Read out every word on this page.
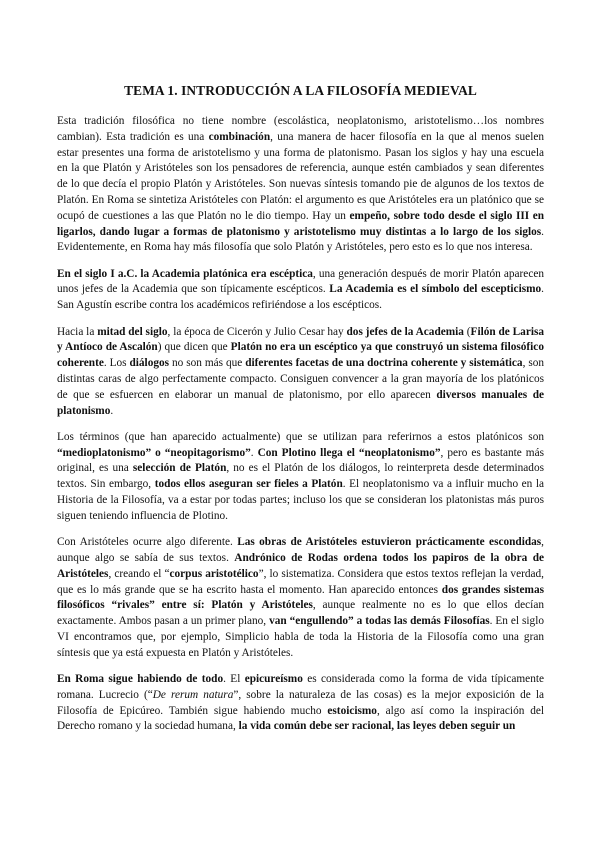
TEMA 1. INTRODUCCIÓN A LA FILOSOFÍA MEDIEVAL

Esta tradición filosófica no tiene nombre (escolástica, neoplatonismo, aristotelismo…los nombres cambian). Esta tradición es una combinación, una manera de hacer filosofía en la que al menos suelen estar presentes una forma de aristotelismo y una forma de platonismo. Pasan los siglos y hay una escuela en la que Platón y Aristóteles son los pensadores de referencia, aunque estén cambiados y sean diferentes de lo que decía el propio Platón y Aristóteles. Son nuevas síntesis tomando pie de algunos de los textos de Platón. En Roma se sintetiza Aristóteles con Platón: el argumento es que Aristóteles era un platónico que se ocupó de cuestiones a las que Platón no le dio tiempo. Hay un empeño, sobre todo desde el siglo III en ligarlos, dando lugar a formas de platonismo y aristotelismo muy distintas a lo largo de los siglos. Evidentemente, en Roma hay más filosofía que solo Platón y Aristóteles, pero esto es lo que nos interesa.

En el siglo I a.C. la Academia platónica era escéptica, una generación después de morir Platón aparecen unos jefes de la Academia que son típicamente escépticos. La Academia es el símbolo del escepticismo. San Agustín escribe contra los académicos refiriéndose a los escépticos.

Hacia la mitad del siglo, la época de Cicerón y Julio Cesar hay dos jefes de la Academia (Filón de Larisa y Antíoco de Ascalón) que dicen que Platón no era un escéptico ya que construyó un sistema filosófico coherente. Los diálogos no son más que diferentes facetas de una doctrina coherente y sistemática, son distintas caras de algo perfectamente compacto. Consiguen convencer a la gran mayoría de los platónicos de que se esfuercen en elaborar un manual de platonismo, por ello aparecen diversos manuales de platonismo.

Los términos (que han aparecido actualmente) que se utilizan para referirnos a estos platónicos son “medioplatonismo” o “neopitagorismo”. Con Plotino llega el “neoplatonismo”, pero es bastante más original, es una selección de Platón, no es el Platón de los diálogos, lo reinterpreta desde determinados textos. Sin embargo, todos ellos aseguran ser fieles a Platón. El neoplatonismo va a influir mucho en la Historia de la Filosofía, va a estar por todas partes; incluso los que se consideran los platonistas más puros siguen teniendo influencia de Plotino.

Con Aristóteles ocurre algo diferente. Las obras de Aristóteles estuvieron prácticamente escondidas, aunque algo se sabía de sus textos. Andrónico de Rodas ordena todos los papiros de la obra de Aristóteles, creando el “corpus aristotélico”, lo sistematiza. Considera que estos textos reflejan la verdad, que es lo más grande que se ha escrito hasta el momento. Han aparecido entonces dos grandes sistemas filosóficos “rivales” entre sí: Platón y Aristóteles, aunque realmente no es lo que ellos decían exactamente. Ambos pasan a un primer plano, van “engullendo” a todas las demás Filosofías. En el siglo VI encontramos que, por ejemplo, Simplicio habla de toda la Historia de la Filosofía como una gran síntesis que ya está expuesta en Platón y Aristóteles.

En Roma sigue habiendo de todo. El epicureísmo es considerada como la forma de vida típicamente romana. Lucrecio (“De rerum natura”, sobre la naturaleza de las cosas) es la mejor exposición de la Filosofía de Epicúreo. También sigue habiendo mucho estoicismo, algo así como la inspiración del Derecho romano y la sociedad humana, la vida común debe ser racional, las leyes deben seguir un
